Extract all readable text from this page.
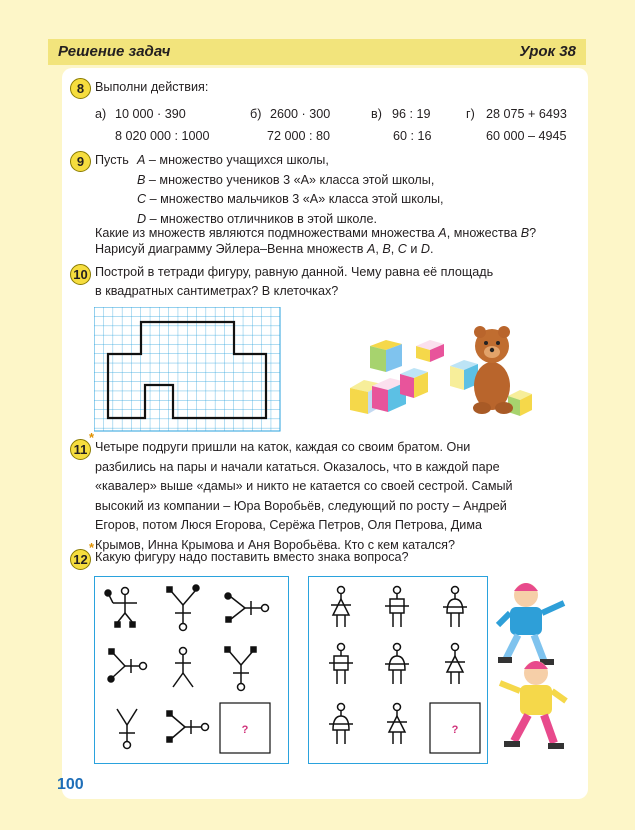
Решение задач	Урок 38
8 Выполни действия:
а) 10 000 · 390
8 020 000 : 1000
б) 2600 · 300
72 000 : 80
в) 96 : 19
60 : 16
г) 28 075 + 6493
60 000 – 4945
9 Пусть A – множество учащихся школы,
B – множество учеников 3 «А» класса этой школы,
C – множество мальчиков 3 «А» класса этой школы,
D – множество отличников в этой школе.
Какие из множеств являются подмножествами множества A, множества B?
Нарисуй диаграмму Эйлера–Венна множеств A, B, C и D.
10 Построй в тетради фигуру, равную данной. Чему равна её площадь
в квадратных сантиметрах? В клеточках?
11
*
Четыре подруги пришли на каток, каждая со своим братом. Они
разбились на пары и начали кататься. Оказалось, что в каждой паре
«кавалер» выше «дамы» и никто не катается со своей сестрой. Самый
высокий из компании – Юра Воробьёв, следующий по росту – Андрей
Егоров, потом Люся Егорова, Серёжа Петров, Оля Петрова, Дима
Крымов, Инна Крымова и Аня Воробьёва. Кто с кем катался?
12
*
Какую фигуру надо поставить вместо знака вопроса?
?	?
100
